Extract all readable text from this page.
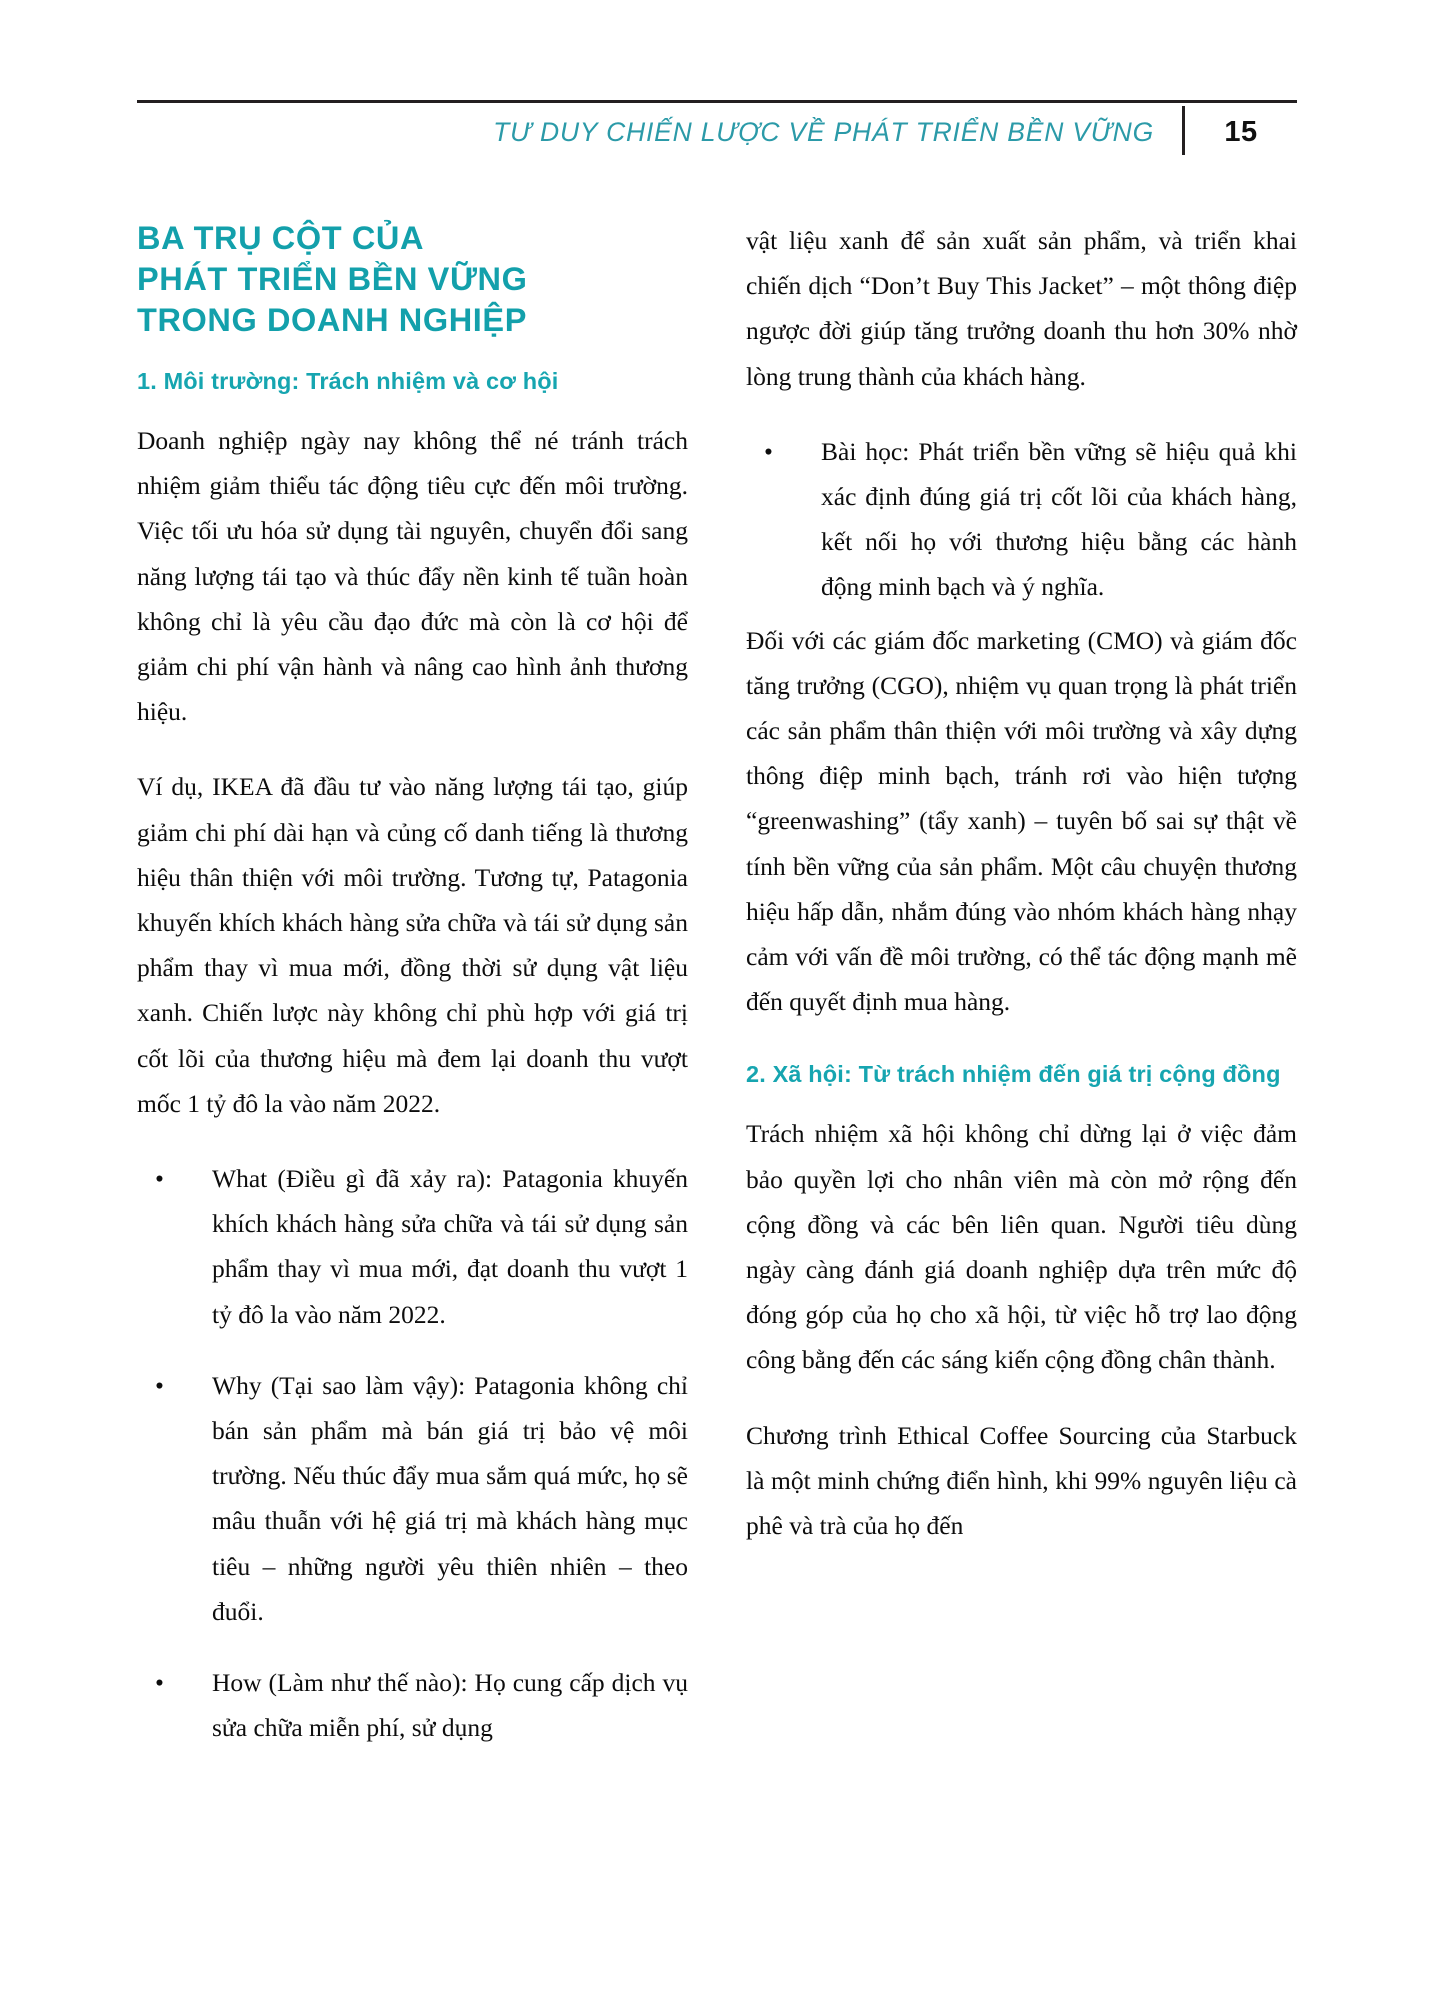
TƯ DUY CHIẾN LƯỢC VỀ PHÁT TRIỂN BỀN VỮNG	15
BA TRỤ CỘT CỦA
PHÁT TRIỂN BỀN VỮNG
TRONG DOANH NGHIỆP
1. Môi trường: Trách nhiệm và cơ hội

Doanh nghiệp ngày nay không thể né tránh trách nhiệm giảm thiểu tác động tiêu cực đến môi trường. Việc tối ưu hóa sử dụng tài nguyên, chuyển đổi sang năng lượng tái tạo và thúc đẩy nền kinh tế tuần hoàn không chỉ là yêu cầu đạo đức mà còn là cơ hội để giảm chi phí vận hành và nâng cao hình ảnh thương hiệu.

Ví dụ, IKEA đã đầu tư vào năng lượng tái tạo, giúp giảm chi phí dài hạn và củng cố danh tiếng là thương hiệu thân thiện với môi trường. Tương tự, Patagonia khuyến khích khách hàng sửa chữa và tái sử dụng sản phẩm thay vì mua mới, đồng thời sử dụng vật liệu xanh. Chiến lược này không chỉ phù hợp với giá trị cốt lõi của thương hiệu mà đem lại doanh thu vượt mốc 1 tỷ đô la vào năm 2022.

•	What (Điều gì đã xảy ra): Patagonia khuyến khích khách hàng sửa chữa và tái sử dụng sản phẩm thay vì mua mới, đạt doanh thu vượt 1 tỷ đô la vào năm 2022.
•	Why (Tại sao làm vậy): Patagonia không chỉ bán sản phẩm mà bán giá trị bảo vệ môi trường. Nếu thúc đẩy mua sắm quá mức, họ sẽ mâu thuẫn với hệ giá trị mà khách hàng mục tiêu – những người yêu thiên nhiên – theo đuổi.
•	How (Làm như thế nào): Họ cung cấp dịch vụ sửa chữa miễn phí, sử dụng

vật liệu xanh để sản xuất sản phẩm, và triển khai chiến dịch “Don’t Buy This Jacket” – một thông điệp ngược đời giúp tăng trưởng doanh thu hơn 30% nhờ lòng trung thành của khách hàng.

•	Bài học: Phát triển bền vững sẽ hiệu quả khi xác định đúng giá trị cốt lõi của khách hàng, kết nối họ với thương hiệu bằng các hành động minh bạch và ý nghĩa.

Đối với các giám đốc marketing (CMO) và giám đốc tăng trưởng (CGO), nhiệm vụ quan trọng là phát triển các sản phẩm thân thiện với môi trường và xây dựng thông điệp minh bạch, tránh rơi vào hiện tượng “greenwashing” (tẩy xanh) – tuyên bố sai sự thật về tính bền vững của sản phẩm. Một câu chuyện thương hiệu hấp dẫn, nhắm đúng vào nhóm khách hàng nhạy cảm với vấn đề môi trường, có thể tác động mạnh mẽ đến quyết định mua hàng.

2. Xã hội: Từ trách nhiệm đến giá trị cộng đồng

Trách nhiệm xã hội không chỉ dừng lại ở việc đảm bảo quyền lợi cho nhân viên mà còn mở rộng đến cộng đồng và các bên liên quan. Người tiêu dùng ngày càng đánh giá doanh nghiệp dựa trên mức độ đóng góp của họ cho xã hội, từ việc hỗ trợ lao động công bằng đến các sáng kiến cộng đồng chân thành.

Chương trình Ethical Coffee Sourcing của Starbuck là một minh chứng điển hình, khi 99% nguyên liệu cà phê và trà của họ đến
